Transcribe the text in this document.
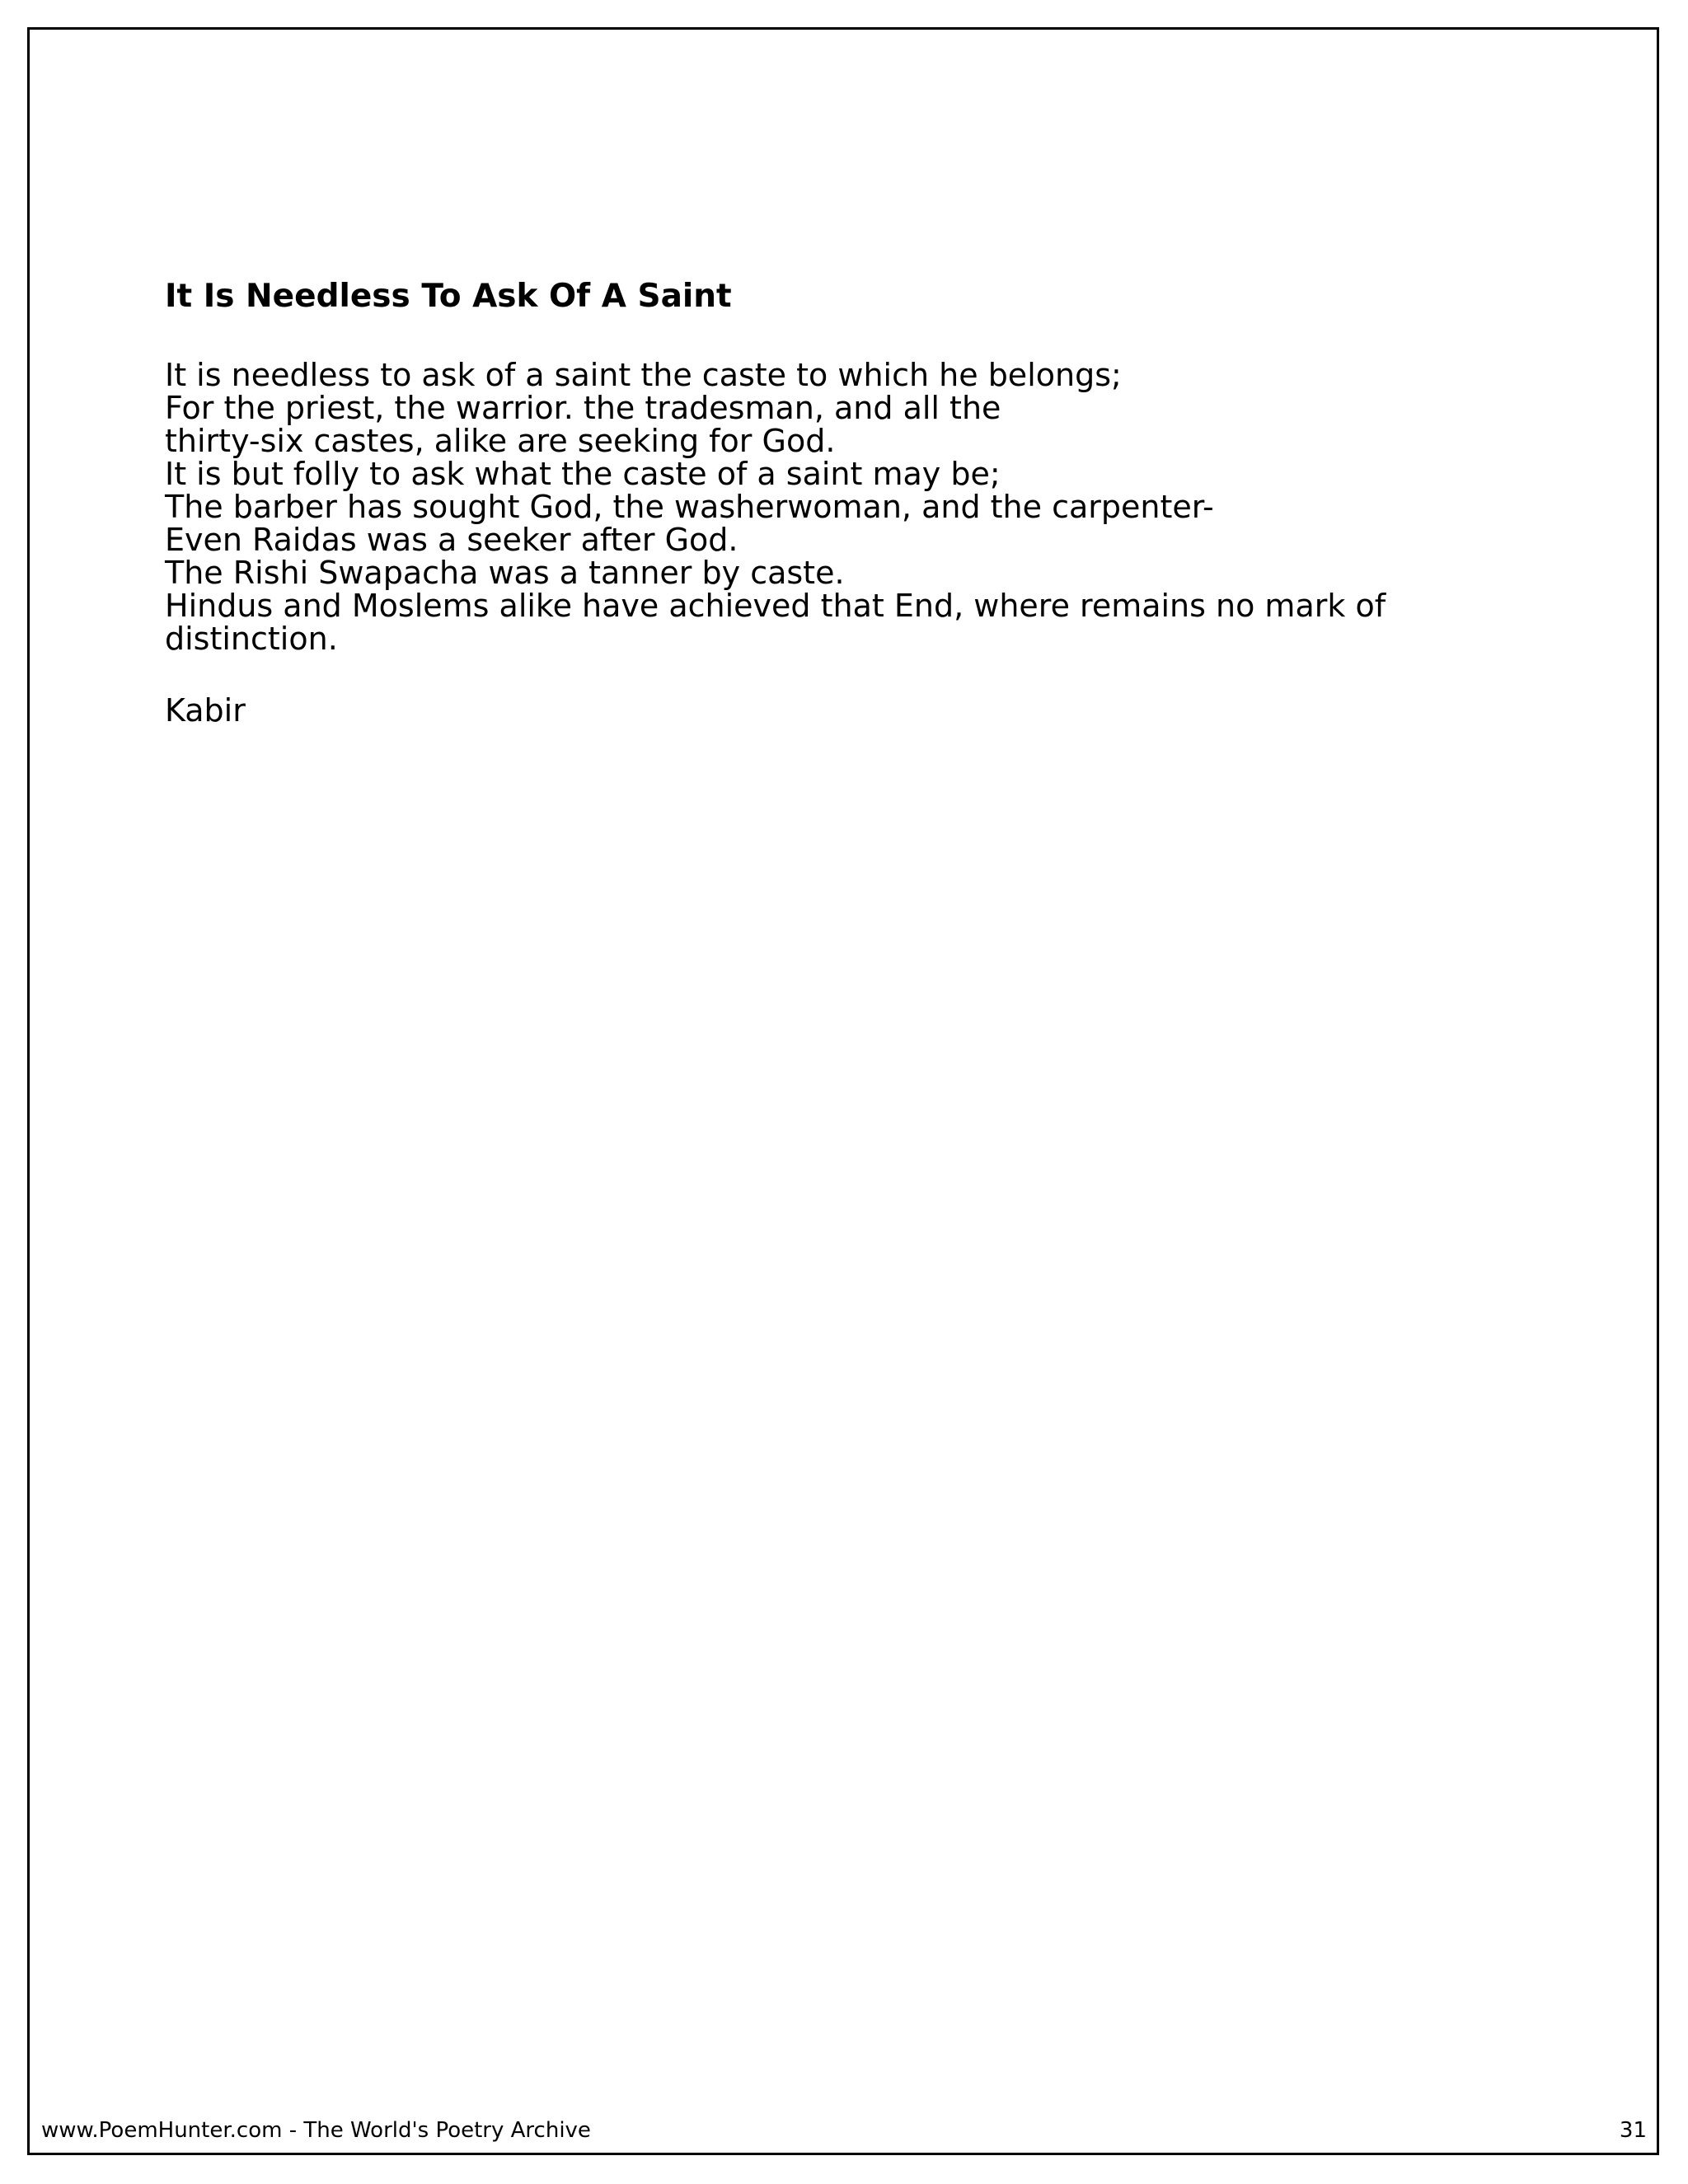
It Is Needless To Ask Of A Saint
It is needless to ask of a saint the caste to which he belongs;
For the priest, the warrior. the tradesman, and all the
thirty-six castes, alike are seeking for God.
It is but folly to ask what the caste of a saint may be;
The barber has sought God, the washerwoman, and the carpenter-
Even Raidas was a seeker after God.
The Rishi Swapacha was a tanner by caste.
Hindus and Moslems alike have achieved that End, where remains no mark of
distinction.

Kabir

www.PoemHunter.com - The World's Poetry Archive	31
